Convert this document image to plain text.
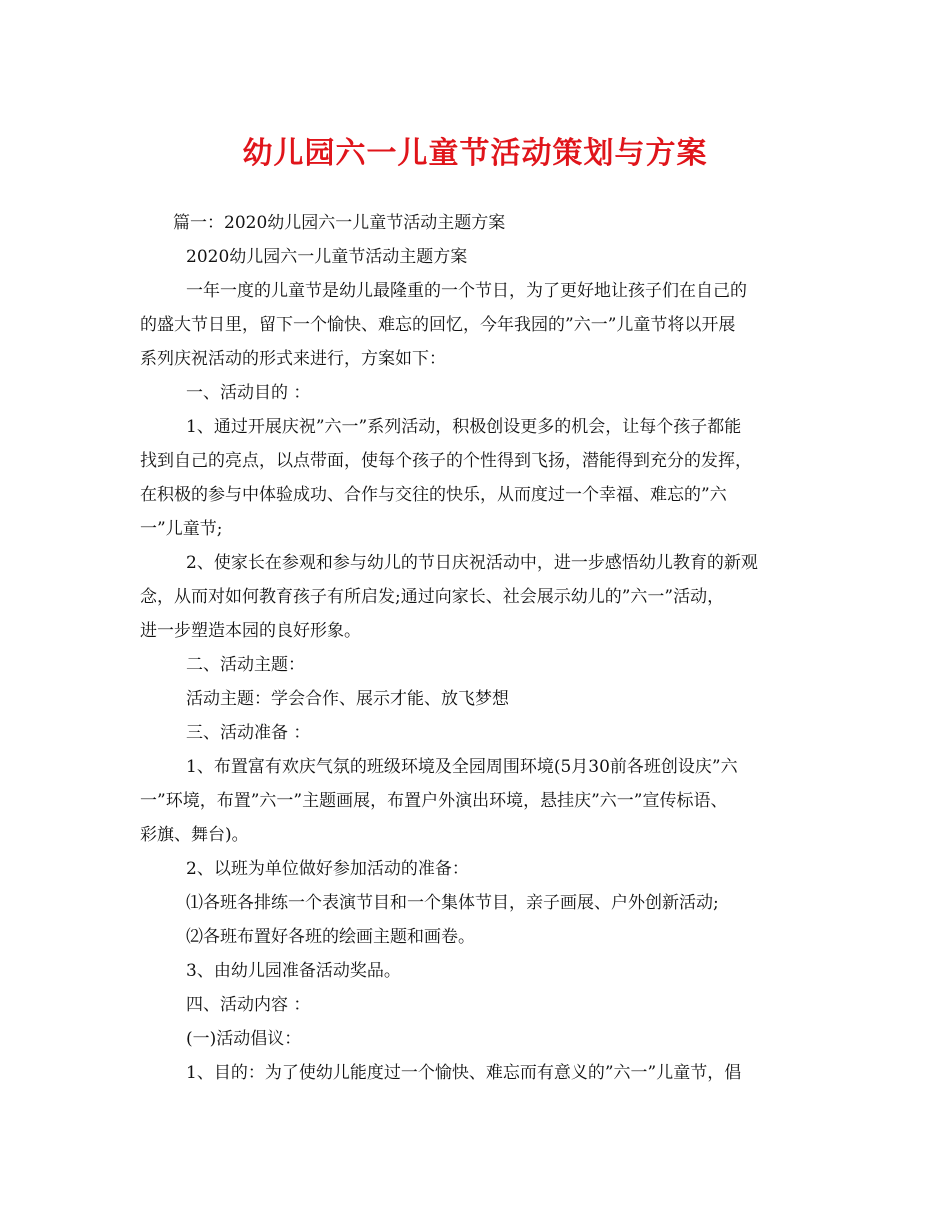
幼儿园六一儿童节活动策划与方案
篇一：2020幼儿园六一儿童节活动主题方案
2020幼儿园六一儿童节活动主题方案
一年一度的儿童节是幼儿最隆重的一个节日，为了更好地让孩子们在自己的
的盛大节日里，留下一个愉快、难忘的回忆，今年我园的”六一”儿童节将以开展
系列庆祝活动的形式来进行，方案如下：
一、活动目的 ：
1、通过开展庆祝”六一”系列活动，积极创设更多的机会，让每个孩子都能
找到自己的亮点，以点带面，使每个孩子的个性得到飞扬，潜能得到充分的发挥，
在积极的参与中体验成功、合作与交往的快乐，从而度过一个幸福、难忘的”六
一”儿童节;
2、使家长在参观和参与幼儿的节日庆祝活动中，进一步感悟幼儿教育的新观
念，从而对如何教育孩子有所启发;通过向家长、社会展示幼儿的”六一”活动，
进一步塑造本园的良好形象。
二、活动主题：
活动主题：学会合作、展示才能、放飞梦想
三、活动准备 ：
1、布置富有欢庆气氛的班级环境及全园周围环境(5月30前各班创设庆”六
一”环境，布置”六一”主题画展，布置户外演出环境，悬挂庆”六一”宣传标语、
彩旗、舞台)。
2、以班为单位做好参加活动的准备：
⑴各班各排练一个表演节目和一个集体节目，亲子画展、户外创新活动;
⑵各班布置好各班的绘画主题和画卷。
3、由幼儿园准备活动奖品。
四、活动内容 ：
(一)活动倡议：
1、目的：为了使幼儿能度过一个愉快、难忘而有意义的”六一”儿童节，倡
